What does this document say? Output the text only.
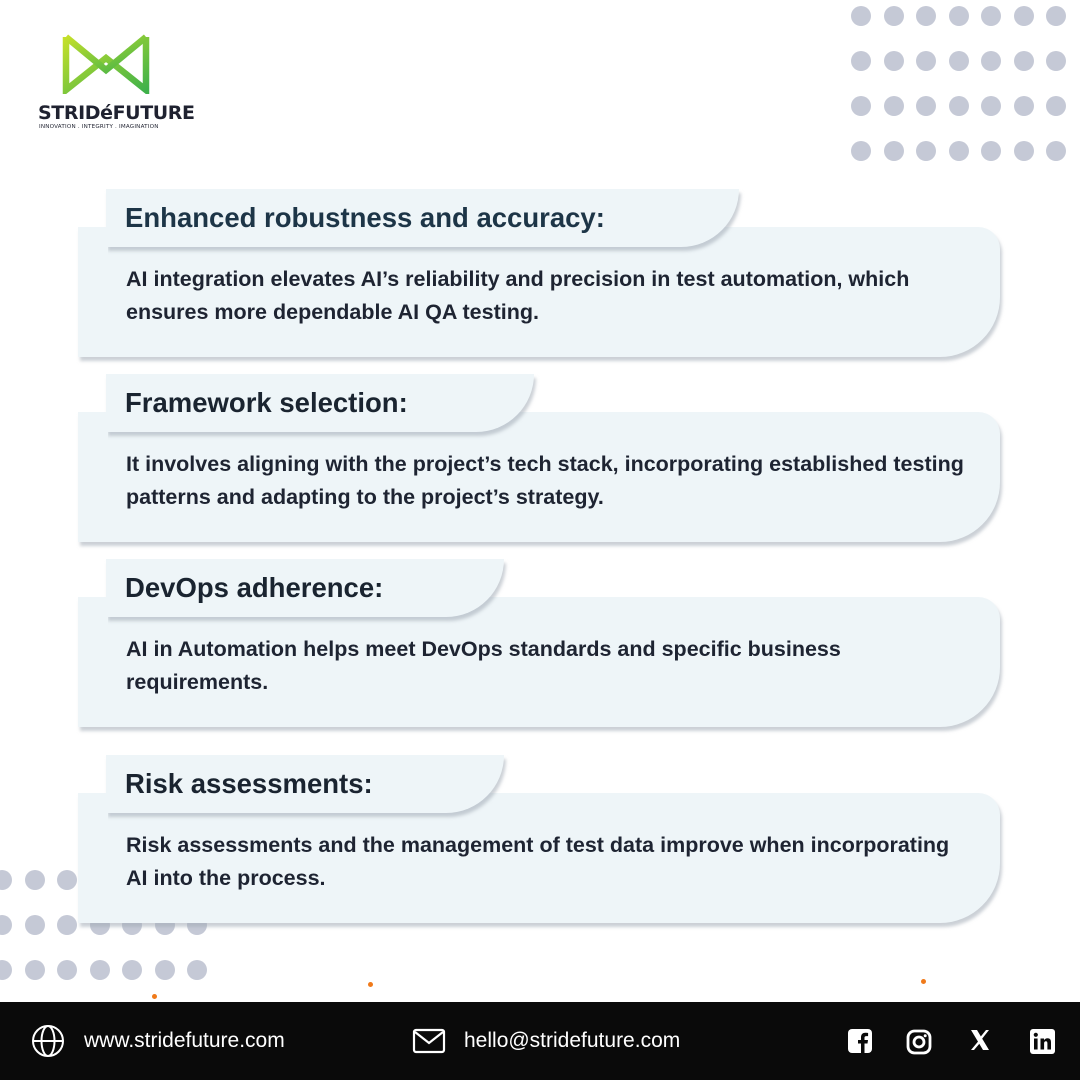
STRIDéFUTURE
INNOVATION . INTEGRITY . IMAGINATION
AI integration elevates AI’s reliability and precision in test automation, which ensures more dependable AI QA testing.
Enhanced robustness and accuracy:
It involves aligning with the project’s tech stack, incorporating established testing patterns and adapting to the project’s strategy.
Framework selection:
AI in Automation helps meet DevOps standards and specific business requirements.
DevOps adherence:
Risk assessments and the management of test data improve when incorporating AI into the process.
Risk assessments:
www.stridefuture.com	hello@stridefuture.com
